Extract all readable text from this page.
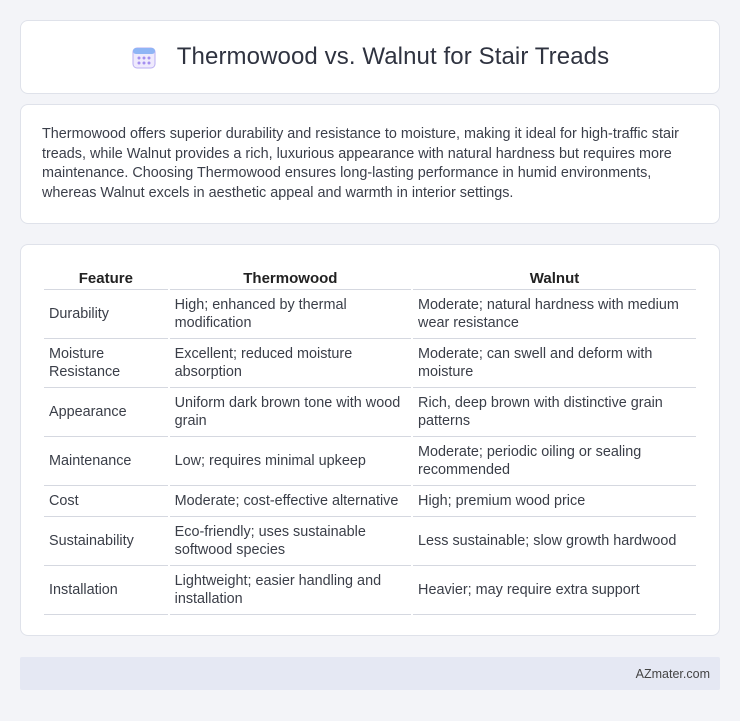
Thermowood vs. Walnut for Stair Treads

Thermowood offers superior durability and resistance to moisture, making it ideal for high-traffic stair treads, while Walnut provides a rich, luxurious appearance with natural hardness but requires more maintenance. Choosing Thermowood ensures long-lasting performance in humid environments, whereas Walnut excels in aesthetic appeal and warmth in interior settings.

Feature	Thermowood	Walnut
Durability	High; enhanced by thermal modification	Moderate; natural hardness with medium wear resistance
Moisture Resistance	Excellent; reduced moisture absorption	Moderate; can swell and deform with moisture
Appearance	Uniform dark brown tone with wood grain	Rich, deep brown with distinctive grain patterns
Maintenance	Low; requires minimal upkeep	Moderate; periodic oiling or sealing recommended
Cost	Moderate; cost-effective alternative	High; premium wood price
Sustainability	Eco-friendly; uses sustainable softwood species	Less sustainable; slow growth hardwood
Installation	Lightweight; easier handling and installation	Heavier; may require extra support
AZmater.com
